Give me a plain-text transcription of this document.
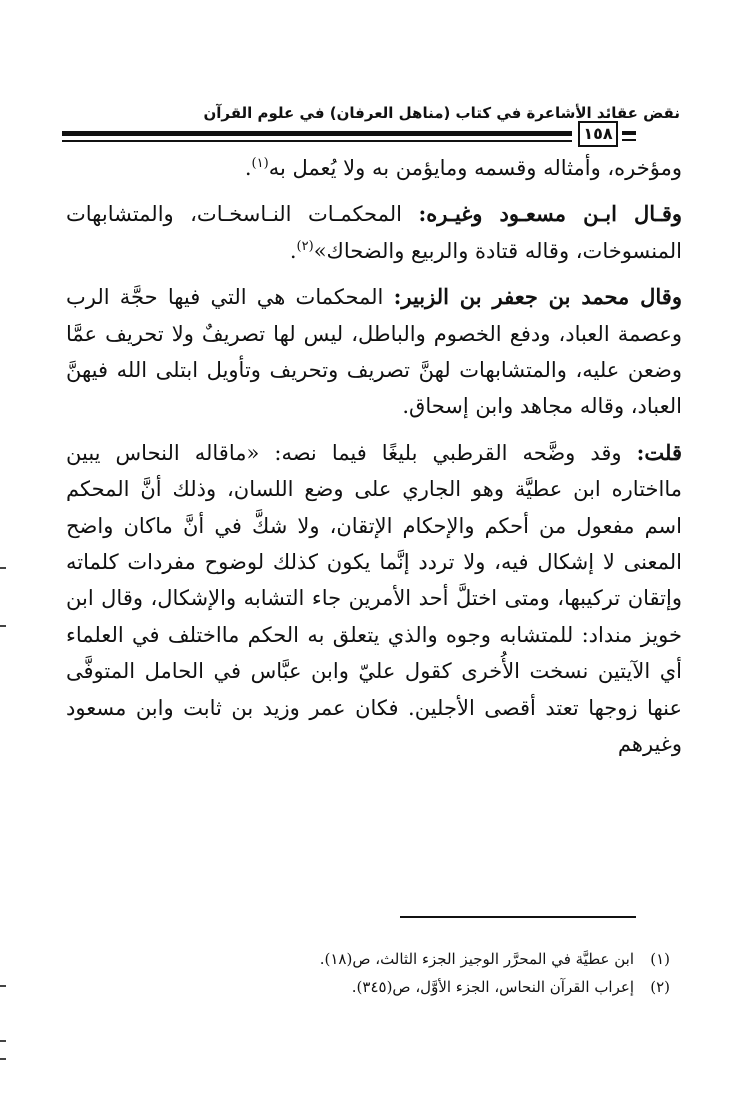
نقض عقائد الأشاعرة في كتاب (مناهل العرفان) في علوم القرآن
١٥٨

ومؤخره، وأمثاله وقسمه ومايؤمن به ولا يُعمل به$^{(١)}$.

وقـال ابـن مسعـود وغيـره: المحكمـات النـاسخـات، والمتشابهات المنسوخات، وقاله قتادة والربيع والضحاك»$^{(٢)}$.

وقال محمد بن جعفر بن الزبير: المحكمات هي التي فيها حجَّة الرب وعصمة العباد، ودفع الخصوم والباطل، ليس لها تصريفٌ ولا تحريف عمَّا وضعن عليه، والمتشابهات لهنَّ تصريف وتحريف وتأويل ابتلى الله فيهنَّ العباد، وقاله مجاهد وابن إسحاق.

قلت: وقد وضَّحه القرطبي بليغًا فيما نصه: «ماقاله النحاس يبين مااختاره ابن عطيَّة وهو الجاري على وضع اللسان، وذلك أنَّ المحكم اسم مفعول من أحكم والإحكام الإتقان، ولا شكَّ في أنَّ ماكان واضح المعنى لا إشكال فيه، ولا تردد إنَّما يكون كذلك لوضوح مفردات كلماته وإتقان تركيبها، ومتى اختلَّ أحد الأمرين جاء التشابه والإشكال، وقال ابن خويز منداد: للمتشابه وجوه والذي يتعلق به الحكم مااختلف في العلماء أي الآيتين نسخت الأُخرى كقول عليّ وابن عبَّاس في الحامل المتوفَّى عنها زوجها تعتد أقصى الأجلين. فكان عمر وزيد بن ثابت وابن مسعود وغيرهم

(١)ابن عطيَّة في المحرَّر الوجيز الجزء الثالث، ص(١٨).
(٢)إعراب القرآن النحاس، الجزء الأوَّل، ص(٣٤٥).
